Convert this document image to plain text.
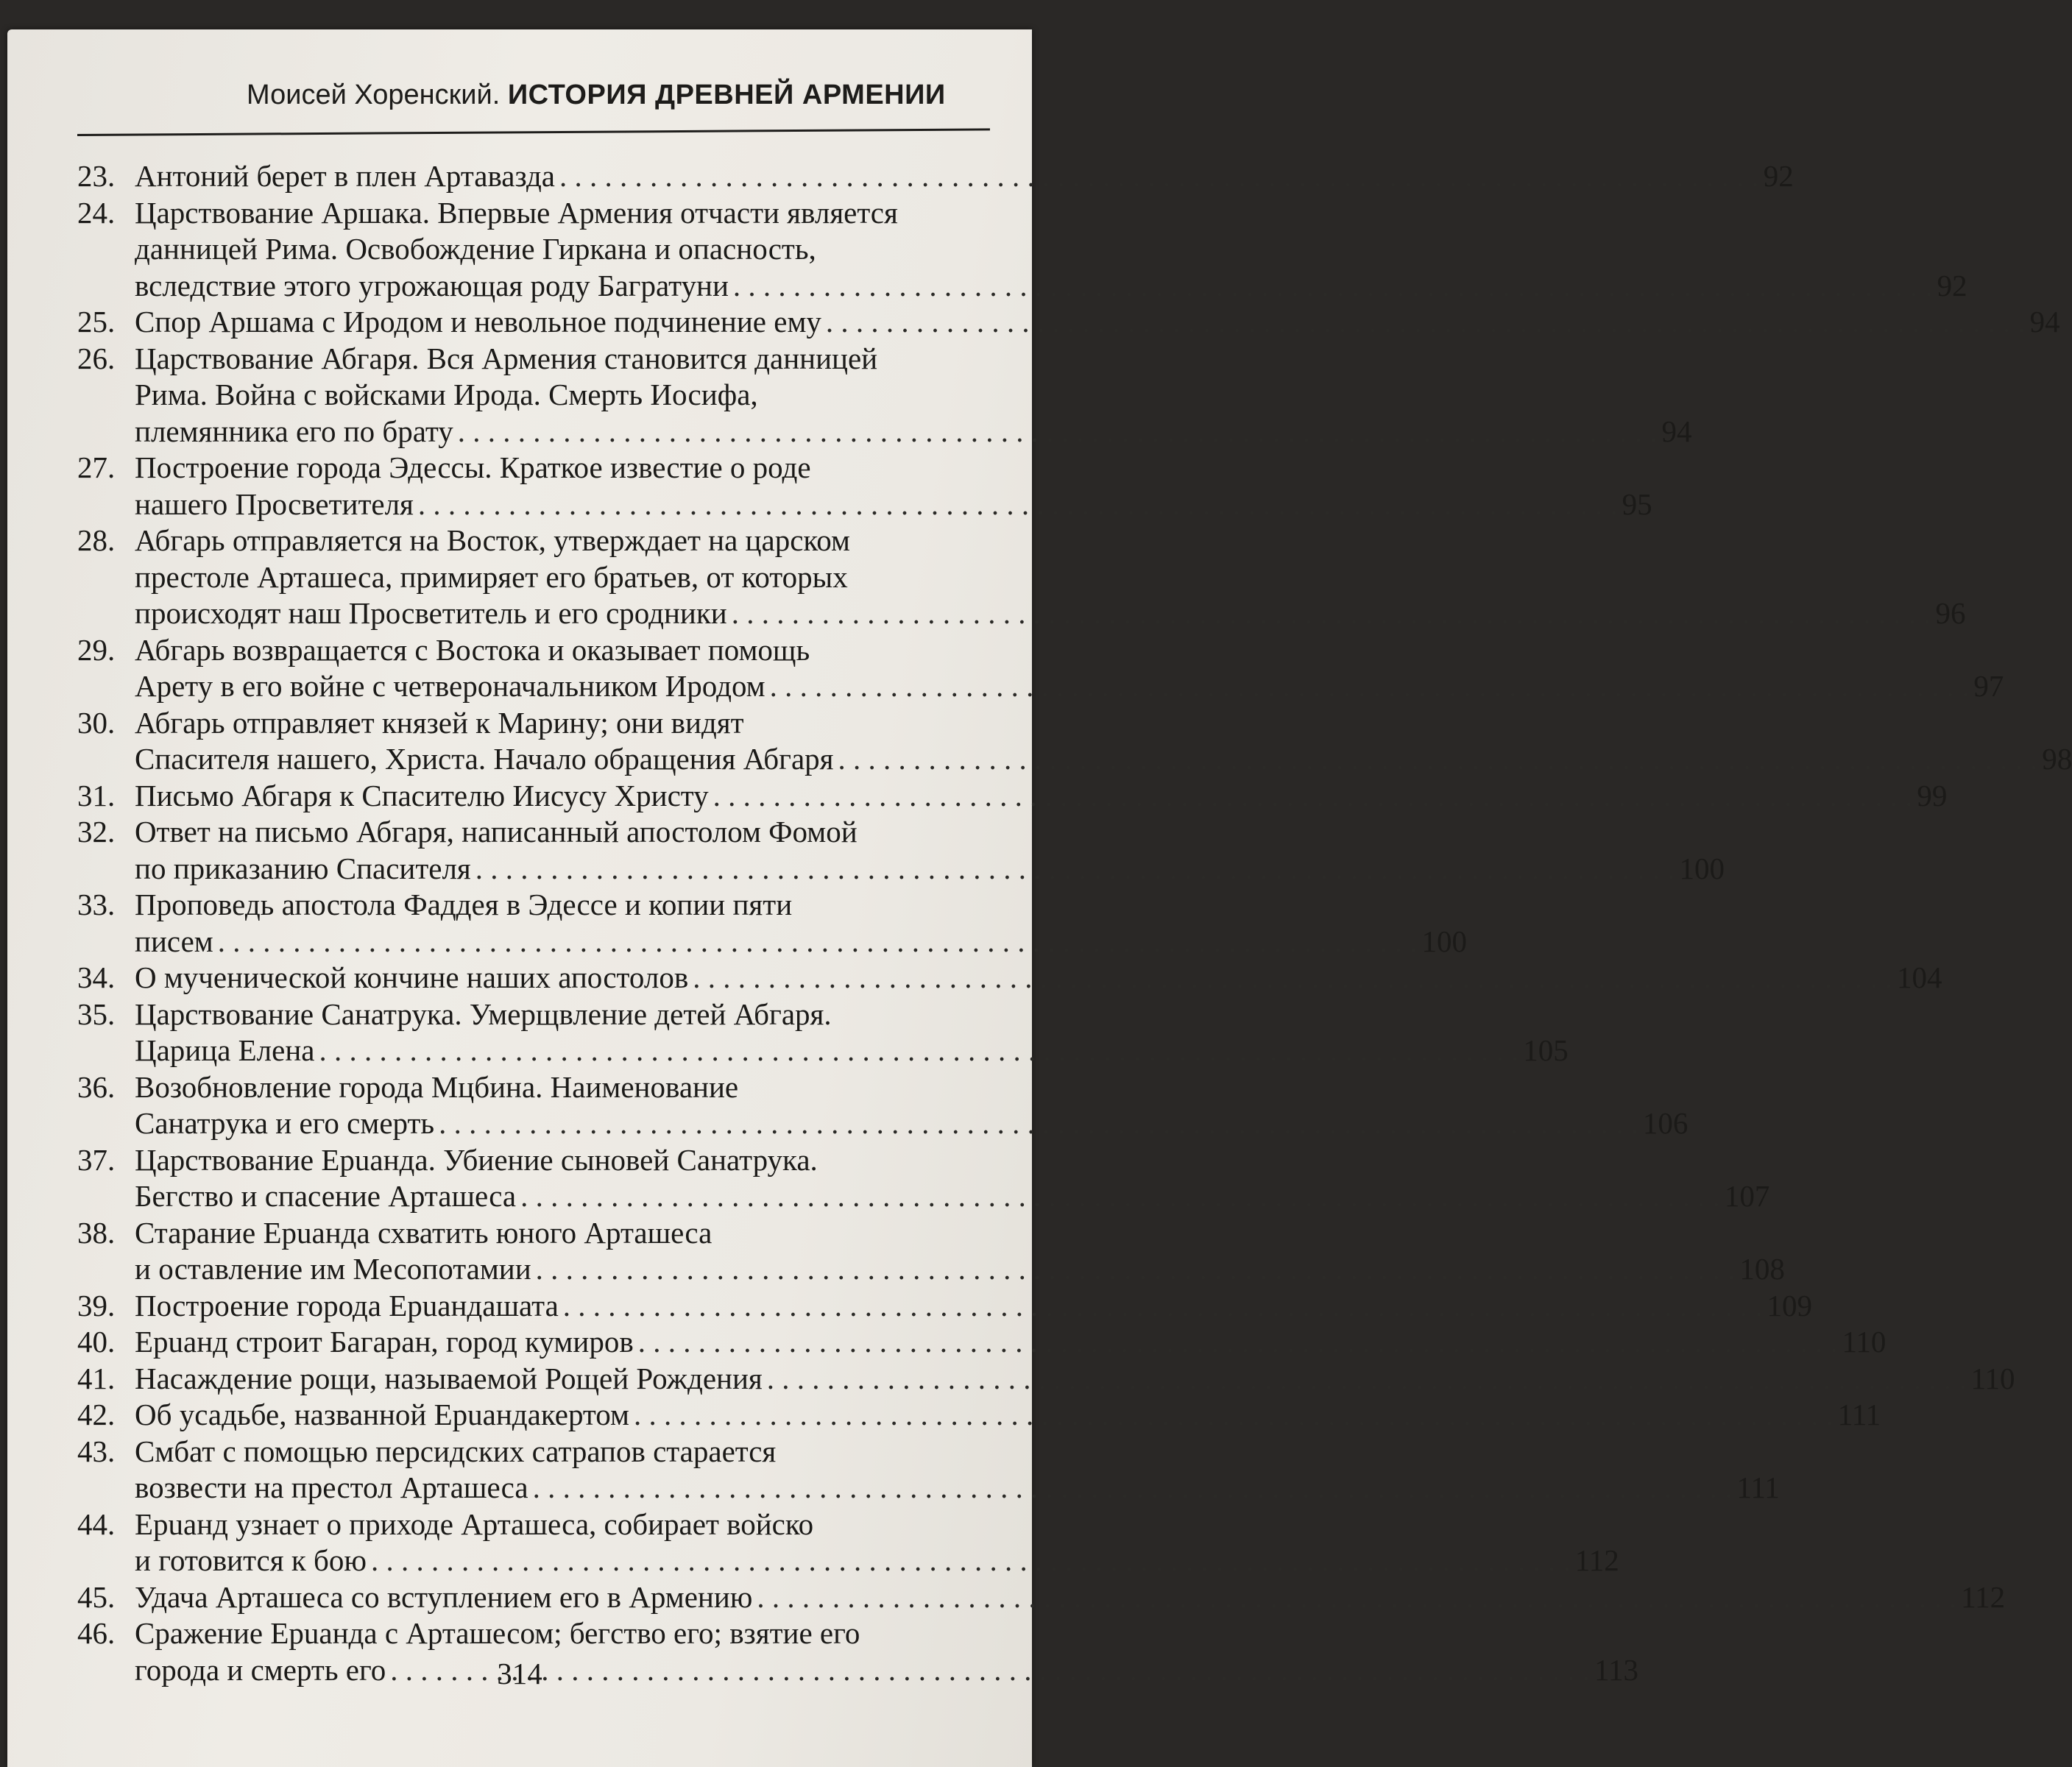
Моисей Хоренский. ИСТОРИЯ ДРЕВНЕЙ АРМЕНИИ
23. Антоний берет в плен Артавазда . . .	92
24. Царствование Аршака. Впервые Армения отчасти является
данницей Рима. Освобождение Гиркана и опасность,
вследствие этого угрожающая роду Багратуни . . .	92
25. Спор Аршама с Иродом и невольное подчинение ему . . .	94
26. Царствование Абгаря. Вся Армения становится данницей
Рима. Война с войсками Ирода. Смерть Иосифа,
племянника его по брату . . .	94
27. Построение города Эдессы. Краткое известие о роде
нашего Просветителя . . .	95
28. Абгарь отправляется на Восток, утверждает на царском
престоле Арташеса, примиряет его братьев, от которых
происходят наш Просветитель и его сродники . . .	96
29. Абгарь возвращается с Востока и оказывает помощь
Арету в его войне с четвероначальником Иродом . . .	97
30. Абгарь отправляет князей к Марину; они видят
Спасителя нашего, Христа. Начало обращения Абгаря . . .	98
31. Письмо Абгаря к Спасителю Иисусу Христу . . .	99
32. Ответ на письмо Абгаря, написанный апостолом Фомой
по приказанию Спасителя . . .	100
33. Проповедь апостола Фаддея в Эдессе и копии пяти
писем . . .	100
34. О мученической кончине наших апостолов . . .	104
35. Царствование Санатрука. Умерщвление детей Абгаря.
Царица Елена . . .	105
36. Возобновление города Мцбина. Наименование
Санатрука и его смерть . . .	106
37. Царствование Ерuанда. Убиение сыновей Санатрука.
Бегство и спасение Арташеса . . .	107
38. Старание Ерuанда схватить юного Арташеса
и оставление им Месопотамии . . .	108
39. Построение города Ерuандашата . . .	109
40. Ерuанд строит Багаран, город кумиров . . .	110
41. Насаждение рощи, называемой Рощей Рождения . . .	110
42. Об усадьбе, названной Ерuандакертом . . .	111
43. Смбат с помощью персидских сатрапов старается
возвести на престол Арташеса . . .	111
44. Ерuанд узнает о приходе Арташеса, собирает войско
и готовится к бою . . .	112
45. Удача Арташеса со вступлением его в Армению . . .	112
46. Сражение Ерuанда с Арташесом; бегство его; взятие его
города и смерть его . . .	113
314
